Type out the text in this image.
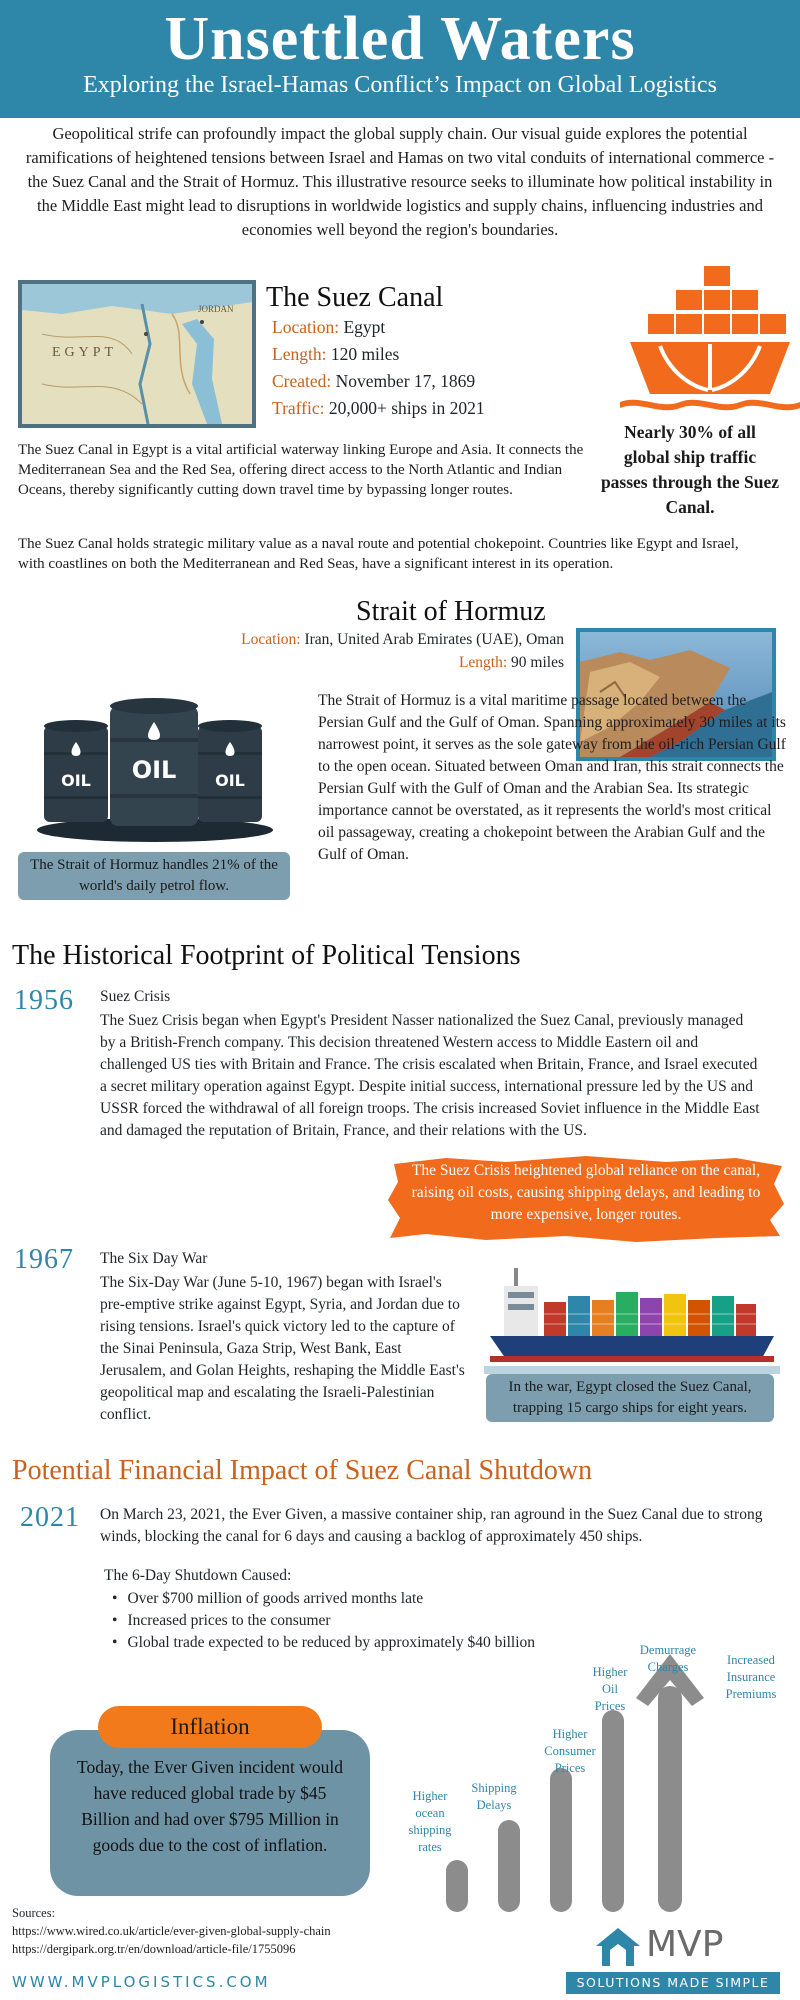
Unsettled Waters
Exploring the Israel-Hamas Conflict’s Impact on Global Logistics

Geopolitical strife can profoundly impact the global supply chain. Our visual guide explores the potential ramifications of heightened tensions between Israel and Hamas on two vital conduits of international commerce - the Suez Canal and the Strait of Hormuz. This illustrative resource seeks to illuminate how political instability in the Middle East might lead to disruptions in worldwide logistics and supply chains, influencing industries and economies well beyond the region's boundaries.

EGYPT
JORDAN The Suez Canal
Location: Egypt
Length: 120 miles
Created: November 17, 1869
Traffic: 20,000+ ships in 2021
Nearly 30% of all global ship traffic passes through the Suez Canal.

The Suez Canal in Egypt is a vital artificial waterway linking Europe and Asia. It connects the Mediterranean Sea and the Red Sea, offering direct access to the North Atlantic and Indian Oceans, thereby significantly cutting down travel time by bypassing longer routes.

The Suez Canal holds strategic military value as a naval route and potential chokepoint. Countries like Egypt and Israel, with coastlines on both the Mediterranean and Red Seas, have a significant interest in its operation.

Strait of Hormuz
Location: Iran, United Arab Emirates (UAE), Oman
Length: 90 miles
OIL	OIL
OIL
The Strait of Hormuz handles 21% of the world's daily petrol flow.

The Strait of Hormuz is a vital maritime passage located between the Persian Gulf and the Gulf of Oman. Spanning approximately 30 miles at its narrowest point, it serves as the sole gateway from the oil-rich Persian Gulf to the open ocean. Situated between Oman and Iran, this strait connects the Persian Gulf with the Gulf of Oman and the Arabian Sea. Its strategic importance cannot be overstated, as it represents the world's most critical oil passageway, creating a chokepoint between the Arabian Gulf and the Gulf of Oman.

The Historical Footprint of Political Tensions
1956 Suez Crisis

The Suez Crisis began when Egypt's President Nasser nationalized the Suez Canal, previously managed by a British-French company. This decision threatened Western access to Middle Eastern oil and challenged US ties with Britain and France. The crisis escalated when Britain, France, and Israel executed a secret military operation against Egypt. Despite initial success, international pressure led by the US and USSR forced the withdrawal of all foreign troops. The crisis increased Soviet influence in the Middle East and damaged the reputation of Britain, France, and their relations with the US.

The Suez Crisis heightened global reliance on the canal, raising oil costs, causing shipping delays, and leading to more expensive, longer routes.
1967 The Six Day War

The Six-Day War (June 5-10, 1967) began with Israel's pre-emptive strike against Egypt, Syria, and Jordan due to rising tensions. Israel's quick victory led to the capture of the Sinai Peninsula, Gaza Strip, West Bank, East Jerusalem, and Golan Heights, reshaping the Middle East's geopolitical map and escalating the Israeli-Palestinian conflict.

In the war, Egypt closed the Suez Canal, trapping 15 cargo ships for eight years.
Potential Financial Impact of Suez Canal Shutdown
2021 On March 23, 2021, the Ever Given, a massive container ship, ran aground in the Suez Canal due to strong winds, blocking the canal for 6 days and causing a backlog of approximately 450 ships.

The 6-Day Shutdown Caused:
• Over $700 million of goods arrived months late
• Increased prices to the consumer
• Global trade expected to be reduced by approximately $40 billion
Inflation
Today, the Ever Given incident would have reduced global trade by $45 Billion and had over $795 Million in goods due to the cost of inflation.
Higher ocean shipping rates
Shipping Delays
Higher Consumer Prices
Higher Oil Prices
Demurrage Charges	Increased Insurance Premiums
Sources:
https://www.wired.co.uk/article/ever-given-global-supply-chain
https://dergipark.org.tr/en/download/article-file/1755096
WWW.MVPLOGISTICS.COM
MVP
SOLUTIONS MADE SIMPLE
